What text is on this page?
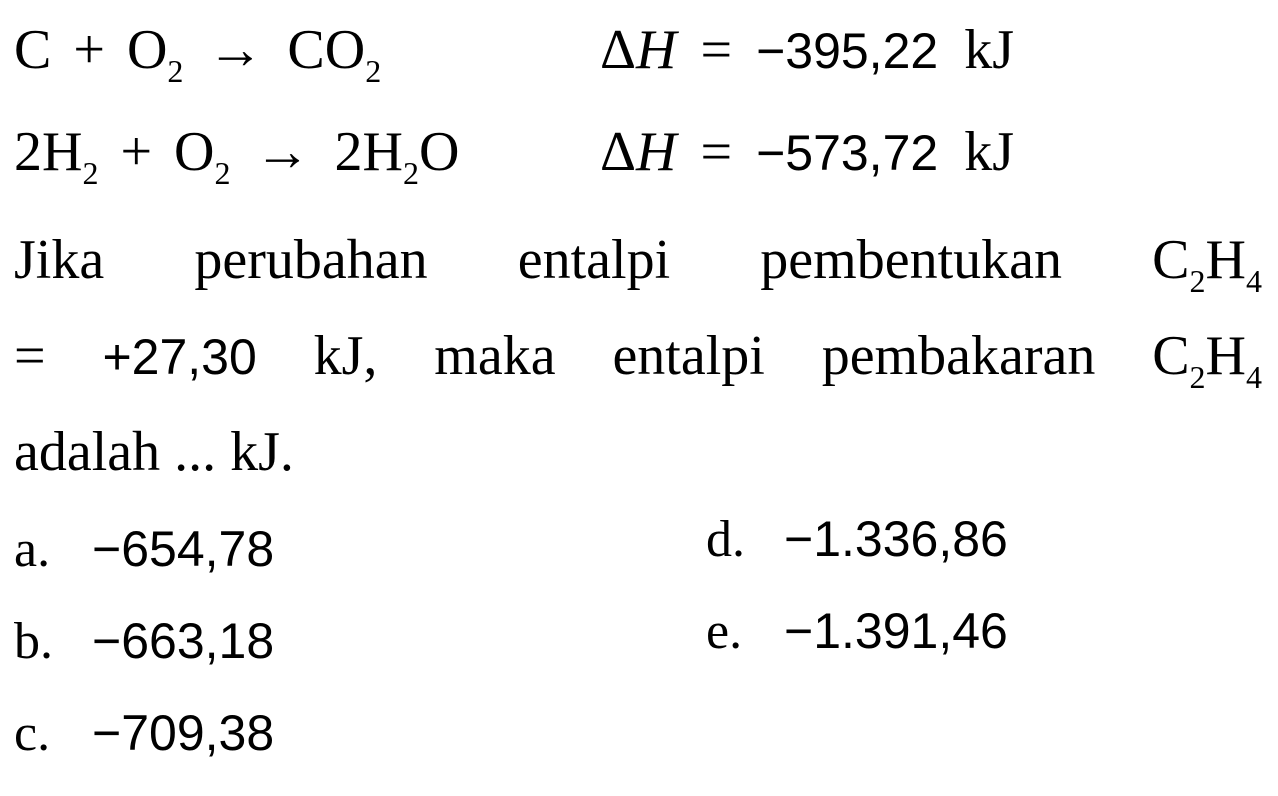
$C + O_2 \to CO_2$	ΔH = −395,22 kJ
$2H_2 + O_2 \to 2H_2O$	ΔH = −573,72 kJ
Jika perubahan entalpi pembentukan $C_2H_4$
= +27,30 kJ, maka entalpi pembakaran $C_2H_4$
adalah ... kJ.
a. −654,78
b. −663,18
c. −709,38
d. −1.336,86
e. −1.391,46
